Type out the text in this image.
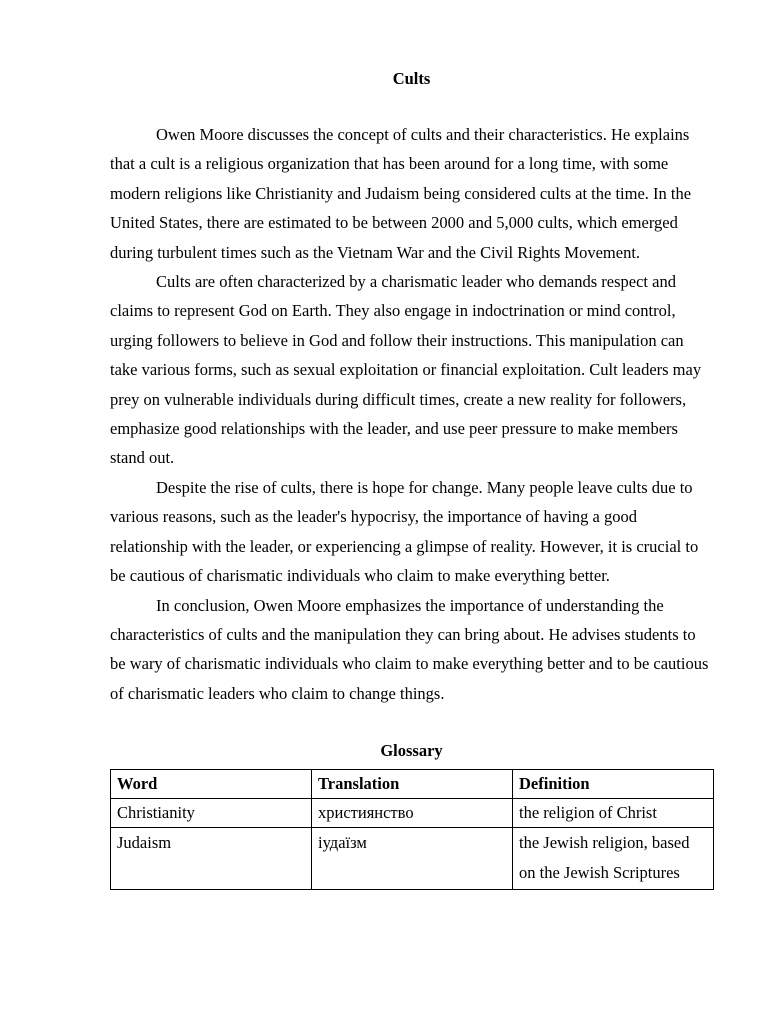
Cults

Owen Moore discusses the concept of cults and their characteristics. He explains that a cult is a religious organization that has been around for a long time, with some modern religions like Christianity and Judaism being considered cults at the time. In the United States, there are estimated to be between 2000 and 5,000 cults, which emerged during turbulent times such as the Vietnam War and the Civil Rights Movement.

Cults are often characterized by a charismatic leader who demands respect and claims to represent God on Earth. They also engage in indoctrination or mind control, urging followers to believe in God and follow their instructions. This manipulation can take various forms, such as sexual exploitation or financial exploitation. Cult leaders may prey on vulnerable individuals during difficult times, create a new reality for followers, emphasize good relationships with the leader, and use peer pressure to make members stand out.

Despite the rise of cults, there is hope for change. Many people leave cults due to various reasons, such as the leader's hypocrisy, the importance of having a good relationship with the leader, or experiencing a glimpse of reality. However, it is crucial to be cautious of charismatic individuals who claim to make everything better.

In conclusion, Owen Moore emphasizes the importance of understanding the characteristics of cults and the manipulation they can bring about. He advises students to be wary of charismatic individuals who claim to make everything better and to be cautious of charismatic leaders who claim to change things.

Glossary
Word	Translation	Definition
Christianity	християнство	the religion of Christ
Judaism	іудаїзм	the Jewish religion, based on the Jewish Scriptures
